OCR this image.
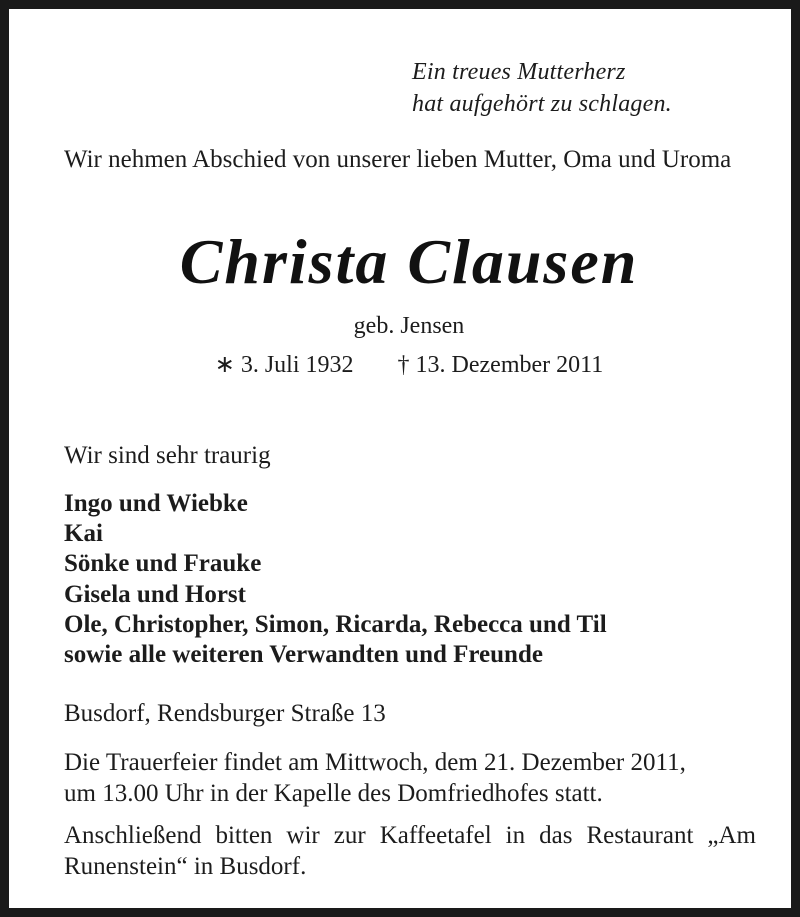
Ein treues Mutterherz
hat aufgehört zu schlagen.
Wir nehmen Abschied von unserer lieben Mutter, Oma und Uroma
Christa Clausen
geb. Jensen
∗ 3. Juli 1932 † 13. Dezember 2011
Wir sind sehr traurig
Ingo und Wiebke
Kai
Sönke und Frauke
Gisela und Horst
Ole, Christopher, Simon, Ricarda, Rebecca und Til
sowie alle weiteren Verwandten und Freunde
Busdorf, Rendsburger Straße 13
Die Trauerfeier findet am Mittwoch, dem 21. Dezember 2011,
um 13.00 Uhr in der Kapelle des Domfriedhofes statt.
Anschließend bitten wir zur Kaffeetafel in das Restaurant „Am Runenstein“ in Busdorf.
